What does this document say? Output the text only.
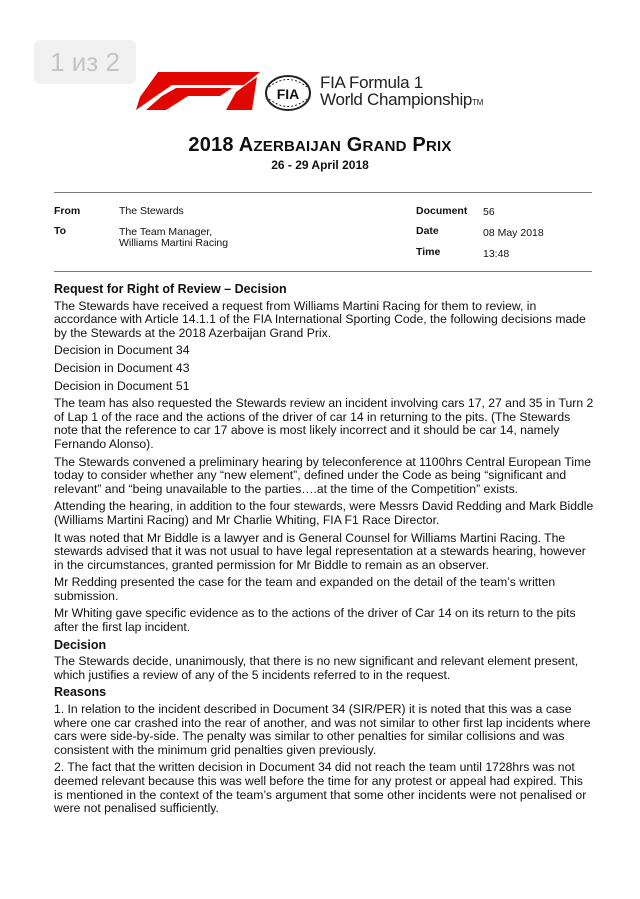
1 из 2
FIA
FIA Formula 1
World ChampionshipTM
2018 AZERBAIJAN GRAND PRIX
26 - 29 April 2018
From	The Stewards
To	The Team Manager,
Williams Martini Racing
Document 56
Date	08 May 2018
Time	13:48
Request for Right of Review – Decision

The Stewards have received a request from Williams Martini Racing for them to review, in accordance with Article 14.1.1 of the FIA International Sporting Code, the following decisions made by the Stewards at the 2018 Azerbaijan Grand Prix.

Decision in Document 34

Decision in Document 43

Decision in Document 51

The team has also requested the Stewards review an incident involving cars 17, 27 and 35 in Turn 2 of Lap 1 of the race and the actions of the driver of car 14 in returning to the pits. (The Stewards note that the reference to car 17 above is most likely incorrect and it should be car 14, namely Fernando Alonso).

The Stewards convened a preliminary hearing by teleconference at 1100hrs Central European Time today to consider whether any “new element”, defined under the Code as being “significant and relevant” and “being unavailable to the parties….at the time of the Competition” exists.

Attending the hearing, in addition to the four stewards, were Messrs David Redding and Mark Biddle (Williams Martini Racing) and Mr Charlie Whiting, FIA F1 Race Director.

It was noted that Mr Biddle is a lawyer and is General Counsel for Williams Martini Racing. The stewards advised that it was not usual to have legal representation at a stewards hearing, however in the circumstances, granted permission for Mr Biddle to remain as an observer.

Mr Redding presented the case for the team and expanded on the detail of the team’s written submission.

Mr Whiting gave specific evidence as to the actions of the driver of Car 14 on its return to the pits after the first lap incident.

Decision

The Stewards decide, unanimously, that there is no new significant and relevant element present, which justifies a review of any of the 5 incidents referred to in the request.

Reasons

1. In relation to the incident described in Document 34 (SIR/PER) it is noted that this was a case where one car crashed into the rear of another, and was not similar to other first lap incidents where cars were side-by-side. The penalty was similar to other penalties for similar collisions and was consistent with the minimum grid penalties given previously.

2. The fact that the written decision in Document 34 did not reach the team until 1728hrs was not deemed relevant because this was well before the time for any protest or appeal had expired. This is mentioned in the context of the team’s argument that some other incidents were not penalised or were not penalised sufficiently.
